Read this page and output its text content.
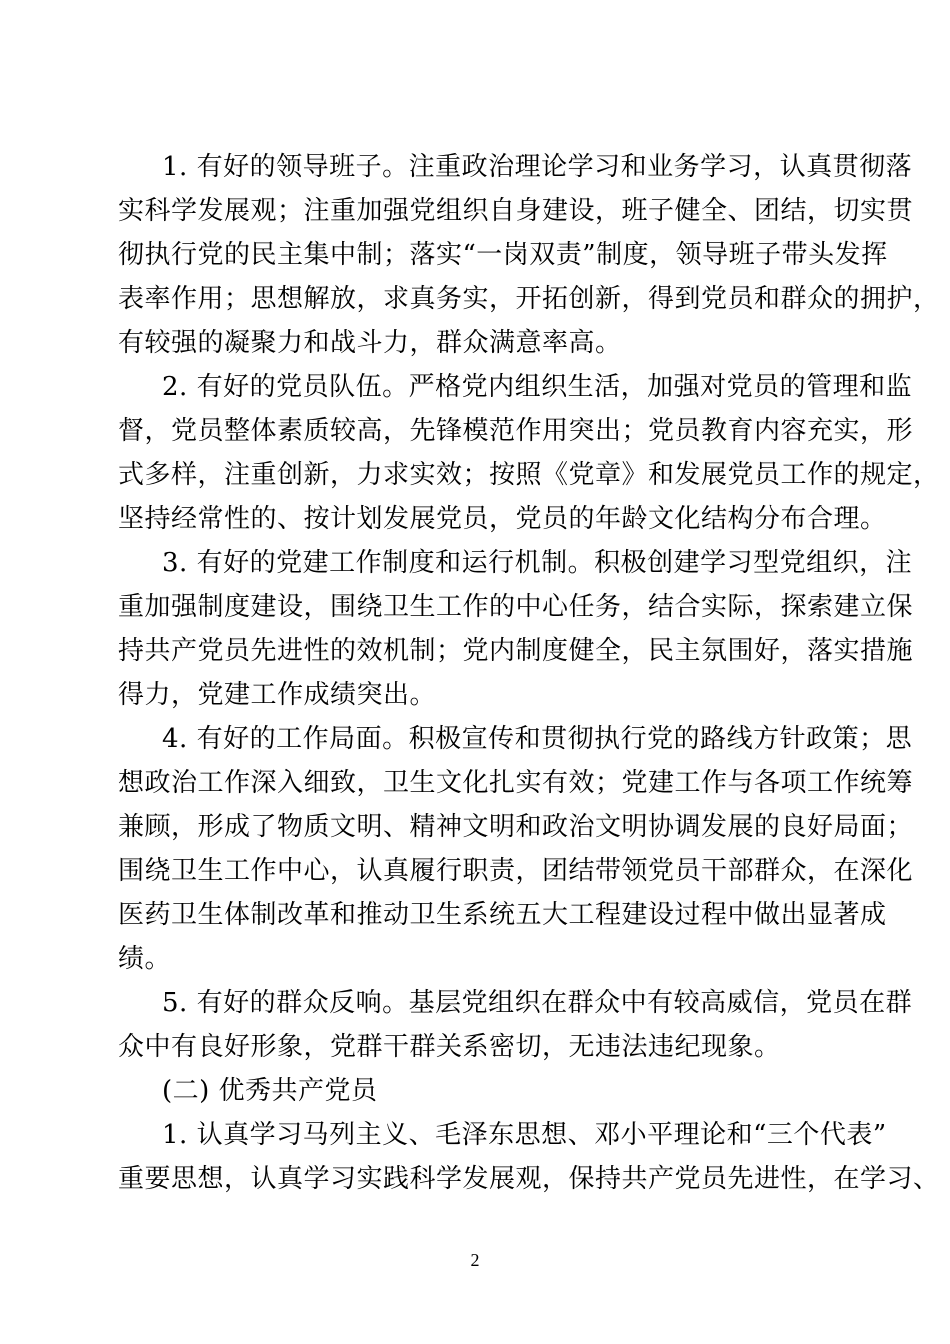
1. 有好的领导班子。注重政治理论学习和业务学习，认真贯彻落
实科学发展观；注重加强党组织自身建设，班子健全、团结，切实贯
彻执行党的民主集中制；落实“一岗双责”制度，领导班子带头发挥
表率作用；思想解放，求真务实，开拓创新，得到党员和群众的拥护，
有较强的凝聚力和战斗力，群众满意率高。
2. 有好的党员队伍。严格党内组织生活，加强对党员的管理和监
督，党员整体素质较高，先锋模范作用突出；党员教育内容充实，形
式多样，注重创新，力求实效；按照《党章》和发展党员工作的规定，
坚持经常性的、按计划发展党员，党员的年龄文化结构分布合理。
3. 有好的党建工作制度和运行机制。积极创建学习型党组织，注
重加强制度建设，围绕卫生工作的中心任务，结合实际，探索建立保
持共产党员先进性的效机制；党内制度健全，民主氛围好，落实措施
得力，党建工作成绩突出。
4. 有好的工作局面。积极宣传和贯彻执行党的路线方针政策；思
想政治工作深入细致，卫生文化扎实有效；党建工作与各项工作统筹
兼顾，形成了物质文明、精神文明和政治文明协调发展的良好局面；
围绕卫生工作中心，认真履行职责，团结带领党员干部群众，在深化
医药卫生体制改革和推动卫生系统五大工程建设过程中做出显著成
绩。
5. 有好的群众反响。基层党组织在群众中有较高威信，党员在群
众中有良好形象，党群干群关系密切，无违法违纪现象。
(二) 优秀共产党员
1. 认真学习马列主义、毛泽东思想、邓小平理论和“三个代表”
重要思想，认真学习实践科学发展观，保持共产党员先进性，在学习、
2
